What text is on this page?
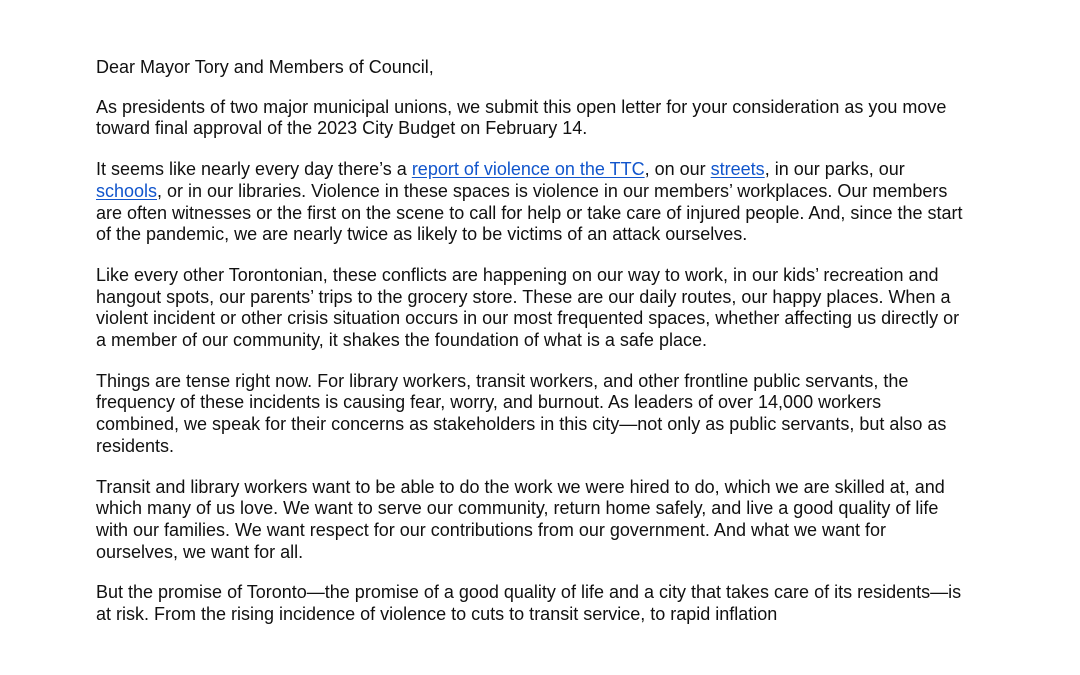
Dear Mayor Tory and Members of Council,

As presidents of two major municipal unions, we submit this open letter for your consideration as you move toward final approval of the 2023 City Budget on February 14.

It seems like nearly every day there’s a report of violence on the TTC, on our streets, in our parks, our schools, or in our libraries. Violence in these spaces is violence in our members’ workplaces. Our members are often witnesses or the first on the scene to call for help or take care of injured people. And, since the start of the pandemic, we are nearly twice as likely to be victims of an attack ourselves.

Like every other Torontonian, these conflicts are happening on our way to work, in our kids’ recreation and hangout spots, our parents’ trips to the grocery store. These are our daily routes, our happy places. When a violent incident or other crisis situation occurs in our most frequented spaces, whether affecting us directly or a member of our community, it shakes the foundation of what is a safe place.

Things are tense right now. For library workers, transit workers, and other frontline public servants, the frequency of these incidents is causing fear, worry, and burnout. As leaders of over 14,000 workers combined, we speak for their concerns as stakeholders in this city—not only as public servants, but also as residents.

Transit and library workers want to be able to do the work we were hired to do, which we are skilled at, and which many of us love. We want to serve our community, return home safely, and live a good quality of life with our families. We want respect for our contributions from our government. And what we want for ourselves, we want for all.

But the promise of Toronto—the promise of a good quality of life and a city that takes care of its residents—is at risk. From the rising incidence of violence to cuts to transit service, to rapid inflation
